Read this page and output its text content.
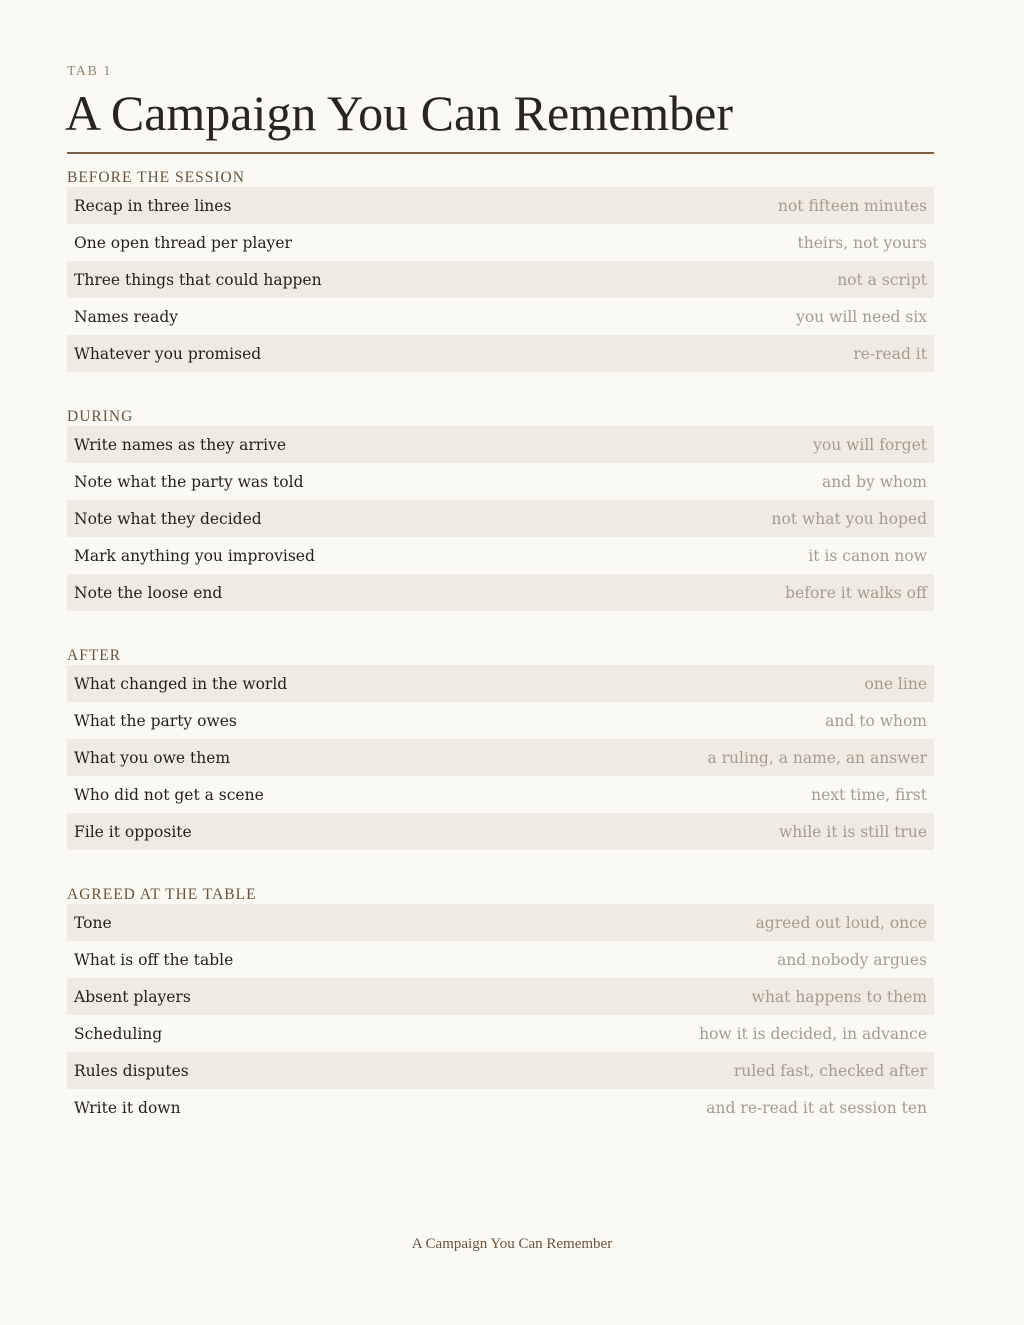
TAB 1
A Campaign You Can Remember
BEFORE THE SESSION
Recap in three lines	not fifteen minutes
One open thread per player	theirs, not yours
Three things that could happen	not a script
Names ready	you will need six
Whatever you promised	re-read it
DURING
Write names as they arrive	you will forget
Note what the party was told	and by whom
Note what they decided	not what you hoped
Mark anything you improvised	it is canon now
Note the loose end	before it walks off
AFTER
What changed in the world	one line
What the party owes	and to whom
What you owe them	a ruling, a name, an answer
Who did not get a scene	next time, first
File it opposite	while it is still true
AGREED AT THE TABLE
Tone	agreed out loud, once
What is off the table	and nobody argues
Absent players	what happens to them
Scheduling	how it is decided, in advance
Rules disputes	ruled fast, checked after
Write it down	and re-read it at session ten
A Campaign You Can Remember
